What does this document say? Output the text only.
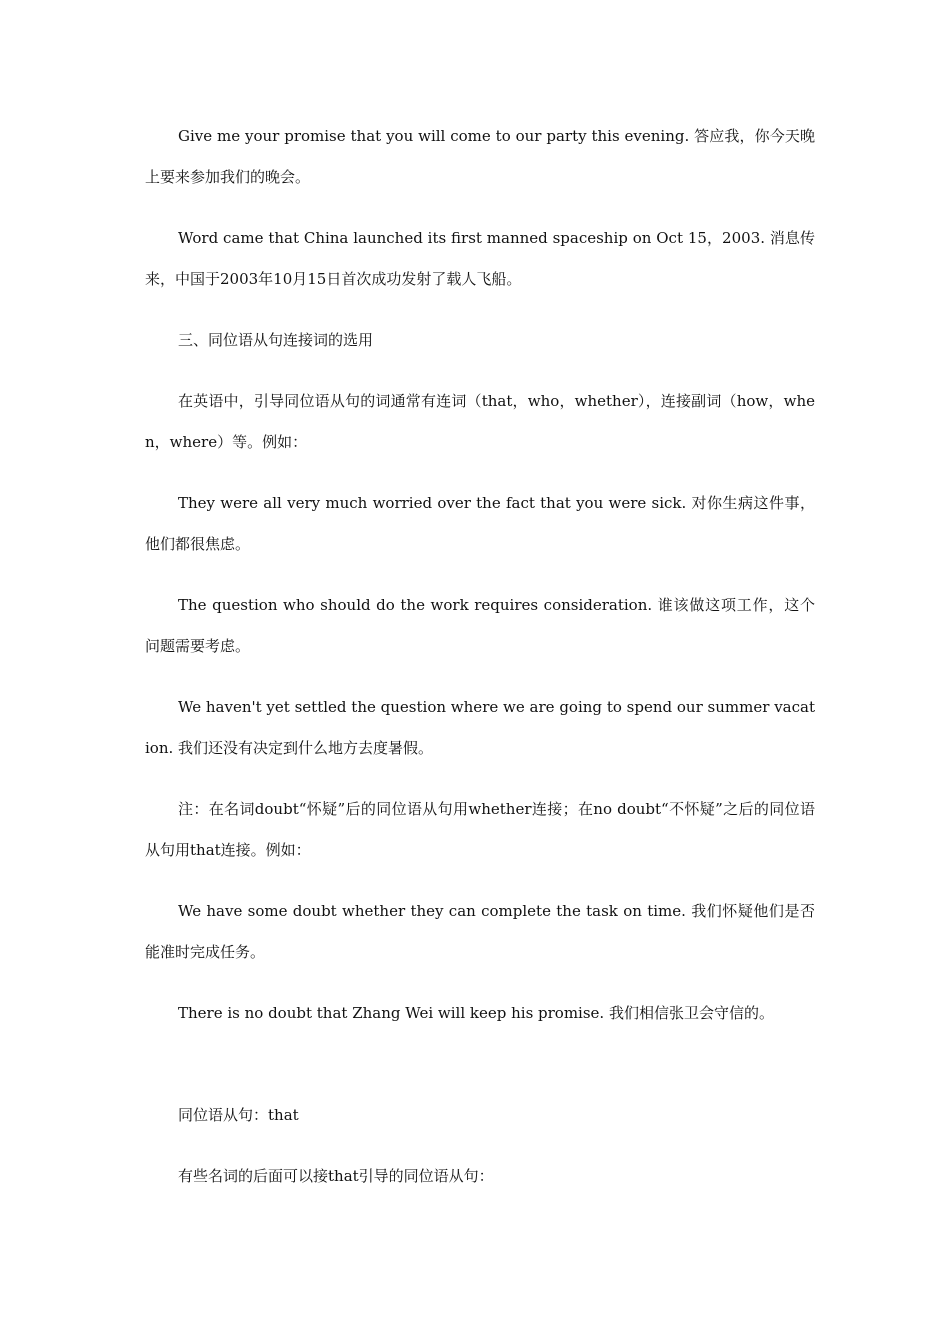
Give me your promise that you will come to our party this evening. 答应我，你今天晚上要来参加我们的晚会。

Word came that China launched its first manned spaceship on Oct 15，2003. 消息传来，中国于2003年10月15日首次成功发射了载人飞船。

三、同位语从句连接词的选用

在英语中，引导同位语从句的词通常有连词（that，who，whether），连接副词（how，when，where）等。例如：

They were all very much worried over the fact that you were sick. 对你生病这件事，他们都很焦虑。

The question who should do the work requires consideration. 谁该做这项工作，这个问题需要考虑。

We haven't yet settled the question where we are going to spend our summer vacation. 我们还没有决定到什么地方去度暑假。

注：在名词doubt“怀疑”后的同位语从句用whether连接；在no doubt“不怀疑”之后的同位语从句用that连接。例如：

We have some doubt whether they can complete the task on time. 我们怀疑他们是否能准时完成任务。

There is no doubt that Zhang Wei will keep his promise. 我们相信张卫会守信的。

同位语从句：that

有些名词的后面可以接that引导的同位语从句：
